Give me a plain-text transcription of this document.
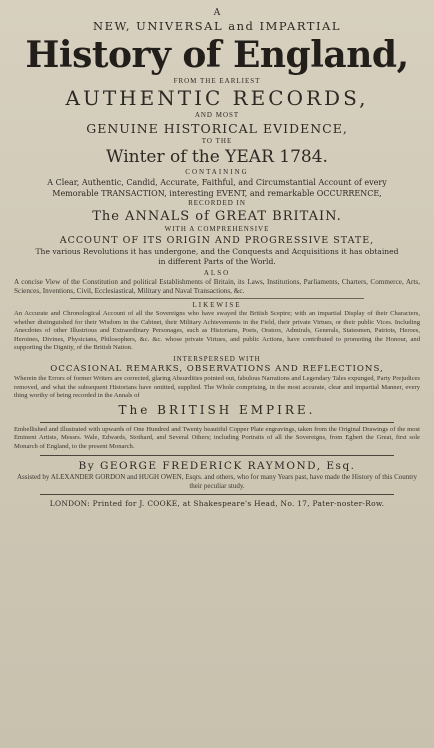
A
NEW, UNIVERSAL and IMPARTIAL
History of England,
FROM THE EARLIEST
AUTHENTIC RECORDS,
AND MOST
GENUINE HISTORICAL EVIDENCE,
TO THE
Winter of the YEAR 1784.
CONTAINING
A Clear, Authentic, Candid, Accurate, Faithful, and Circumstantial Account of every
Memorable TRANSACTION, interesting EVENT, and remarkable OCCURRENCE,
RECORDED IN
The ANNALS of GREAT BRITAIN.
WITH A COMPREHENSIVE
ACCOUNT OF ITS ORIGIN AND PROGRESSIVE STATE,
The various Revolutions it has undergone, and the Conquests and Acquisitions it has obtained
in different Parts of the World.
ALSO
A concise View of the Constitution and political Establishments of Britain, its Laws, Institutions, Parliaments, Charters, Commerce, Arts, Sciences, Inventions, Civil, Ecclesiastical, Military and Naval Transactions, &c.
LIKEWISE
An Accurate and Chronological Account of all the Sovereigns who have swayed the British Sceptre; with an impartial Display of their Characters, whether distinguished for their Wisdom in the Cabinet, their Military Achievements in the Field, their private Virtues, or their public Vices. Including Anecdotes of other Illustrious and Extraordinary Personages, such as Historians, Poets, Orators, Admirals, Generals, Statesmen, Patriots, Heroes, Heroines, Divines, Physicians, Philosophers, &c. &c. whose private Virtues, and public Actions, have contributed to promoting the Honour, and supporting the Dignity, of the British Nation.
INTERSPERSED WITH
OCCASIONAL REMARKS, OBSERVATIONS AND REFLECTIONS,
Wherein the Errors of former Writers are corrected, glaring Absurdities pointed out, fabulous Narrations and Legendary Tales expunged, Party Prejudices removed, and what the subsequent Historians have omitted, supplied. The Whole comprising, in the most accurate, clear and impartial Manner, every thing worthy of being recorded in the Annals of
The BRITISH EMPIRE.
Embellished and illustrated with upwards of One Hundred and Twenty beautiful Copper Plate engravings, taken from the Original Drawings of the most Eminent Artists, Messrs. Wale, Edwards, Stothard, and Several Others; including Portraits of all the Sovereigns, from Egbert the Great, first sole Monarch of England, to the present Monarch.
By GEORGE FREDERICK RAYMOND, Esq.
Assisted by ALEXANDER GORDON and HUGH OWEN, Esqrs. and others, who for many Years past, have made the History of this Country their peculiar study.
LONDON: Printed for J. COOKE, at Shakespeare's Head, No. 17, Pater-noster-Row.
